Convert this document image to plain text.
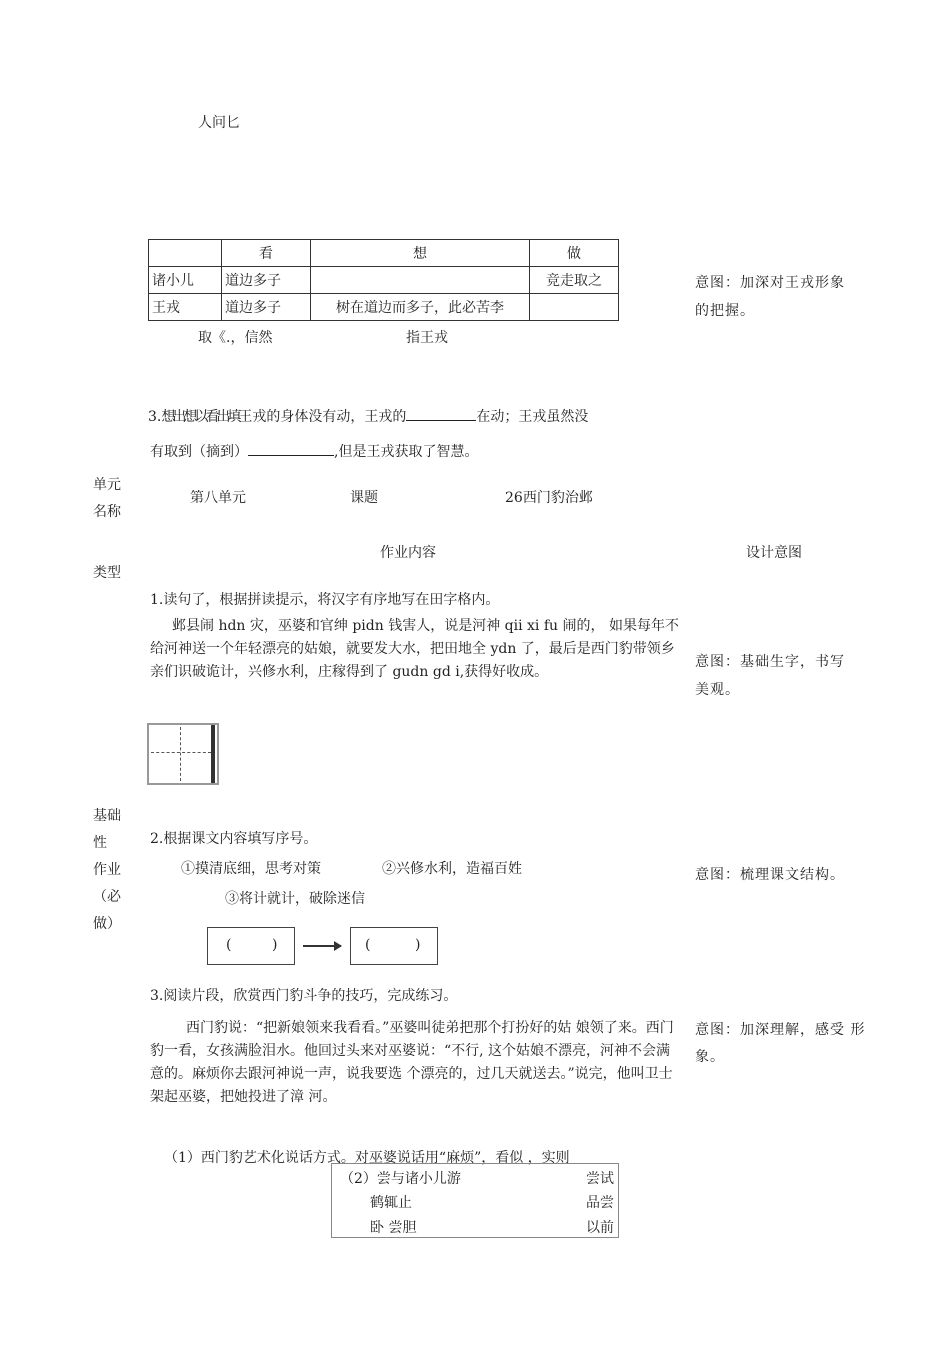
人问匕
	看	想	做
诸小儿	道边多子		竞走取之
王戎	道边多子	树在道边而多子，此必苦李	
取《.，信然	指王戎
意图：加深对王戎形象
的把握。
3.想出想以看出填王戎的身体没有动，王戎的	在动；王戎虽然没
有取到（摘到）	,但是王戎获取了智慧。
单元
名称
第八单元	课题	26西门豹治邺
作业内容	设计意图
类型
1.读句了，根据拼读提示，将汉字有序地写在田字格内。
邺县闹 hdn 灾，巫婆和官绅 pidn 钱害人，说是河神 qii xi fu 闹的， 如果每年不给河神送一个年轻漂亮的姑娘，就要发大水，把田地全 ydn 了，最后是西门豹带领乡亲们识破诡计，兴修水利，庄稼得到了 gudn gd i,获得好收成。
意图：基础生字，书写
美观。
基础
性
作业
（必
做）
2.根据课文内容填写序号。
①摸清底细，思考对策	②兴修水利，造福百姓
③将计就计，破除迷信
意图：梳理课文结构。
(	)	(	)
3.阅读片段，欣赏西门豹斗争的技巧，完成练习。
西门豹说：“把新娘领来我看看。”巫婆叫徒弟把那个打扮好的姑 娘领了来。西门豹一看，女孩满脸泪水。他回过头来对巫婆说：“不行, 这个姑娘不漂亮，河神不会满意的。麻烦你去跟河神说一声，说我要选 个漂亮的，过几天就送去。”说完，他叫卫士架起巫婆，把她投进了漳 河。
意图：加深理解，感受 形
象。
（1）西门豹艺术化说话方式。对巫婆说话用“麻烦”，看似 ，实则
（2）尝与诸小儿游	尝试
鹤辄止	品尝
卧 尝胆	以前
